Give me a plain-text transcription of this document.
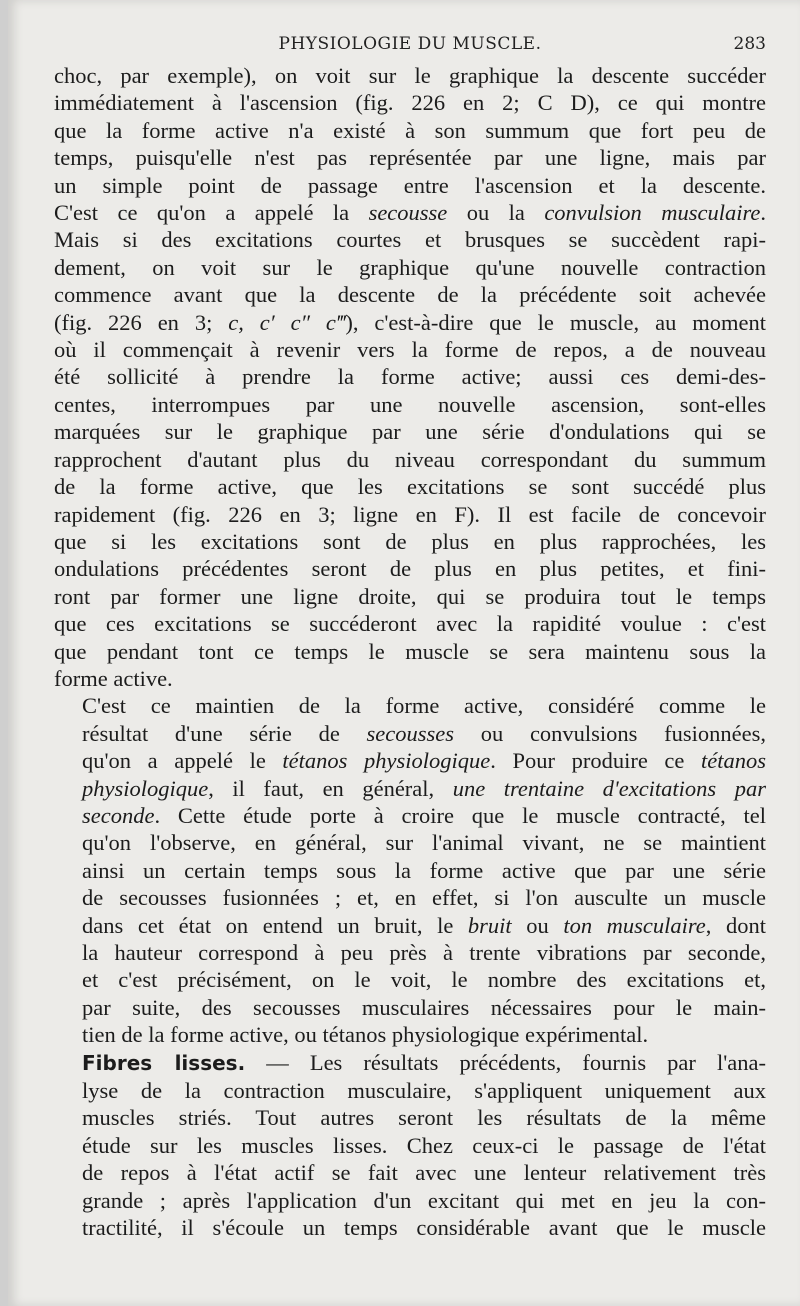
PHYSIOLOGIE DU MUSCLE.	283

choc, par exemple), on voit sur le graphique la descente succéder
immédiatement à l'ascension (fig. 226 en 2; C D), ce qui montre
que la forme active n'a existé à son summum que fort peu de
temps, puisqu'elle n'est pas représentée par une ligne, mais par
un simple point de passage entre l'ascension et la descente.
C'est ce qu'on a appelé la secousse ou la convulsion musculaire.
Mais si des excitations courtes et brusques se succèdent rapi-
dement, on voit sur le graphique qu'une nouvelle contraction
commence avant que la descente de la précédente soit achevée
(fig. 226 en 3; c, c′ c″ c‴), c'est-à-dire que le muscle, au moment
où il commençait à revenir vers la forme de repos, a de nouveau
été sollicité à prendre la forme active; aussi ces demi-des-
centes, interrompues par une nouvelle ascension, sont-elles
marquées sur le graphique par une série d'ondulations qui se
rapprochent d'autant plus du niveau correspondant du summum
de la forme active, que les excitations se sont succédé plus
rapidement (fig. 226 en 3; ligne en F). Il est facile de concevoir
que si les excitations sont de plus en plus rapprochées, les
ondulations précédentes seront de plus en plus petites, et fini-
ront par former une ligne droite, qui se produira tout le temps
que ces excitations se succéderont avec la rapidité voulue : c'est
que pendant tont ce temps le muscle se sera maintenu sous la
forme active.

C'est ce maintien de la forme active, considéré comme le
résultat d'une série de secousses ou convulsions fusionnées,
qu'on a appelé le tétanos physiologique. Pour produire ce tétanos
physiologique, il faut, en général, une trentaine d'excitations par
seconde. Cette étude porte à croire que le muscle contracté, tel
qu'on l'observe, en général, sur l'animal vivant, ne se maintient
ainsi un certain temps sous la forme active que par une série
de secousses fusionnées ; et, en effet, si l'on ausculte un muscle
dans cet état on entend un bruit, le bruit ou ton musculaire, dont
la hauteur correspond à peu près à trente vibrations par seconde,
et c'est précisément, on le voit, le nombre des excitations et,
par suite, des secousses musculaires nécessaires pour le main-
tien de la forme active, ou tétanos physiologique expérimental.

Fibres lisses. — Les résultats précédents, fournis par l'ana-
lyse de la contraction musculaire, s'appliquent uniquement aux
muscles striés. Tout autres seront les résultats de la même
étude sur les muscles lisses. Chez ceux-ci le passage de l'état
de repos à l'état actif se fait avec une lenteur relativement très
grande ; après l'application d'un excitant qui met en jeu la con-
tractilité, il s'écoule un temps considérable avant que le muscle
